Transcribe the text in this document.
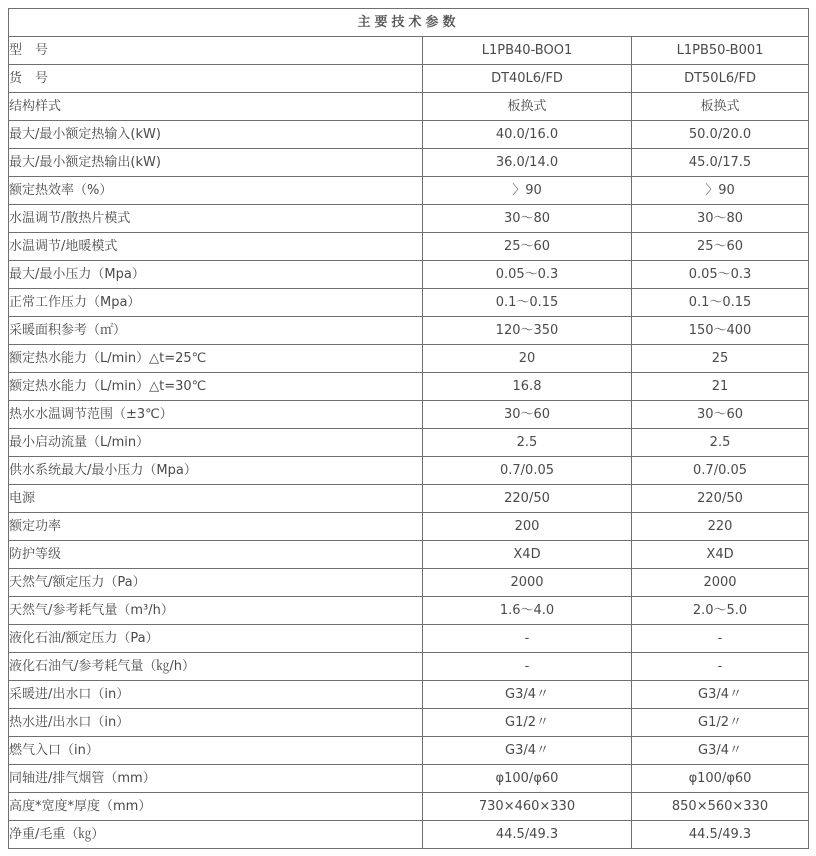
主要技术参数		
型　号	L1PB40-BOO1	L1PB50-B001
货　号	DT40L6/FD	DT50L6/FD
结构样式	板换式	板换式
最大/最小额定热输入(kW)	40.0/16.0	50.0/20.0
最大/最小额定热输出(kW)	36.0/14.0	45.0/17.5
额定热效率（%）	〉90	〉90
水温调节/散热片模式	30～80	30～80
水温调节/地暖模式	25～60	25～60
最大/最小压力（Mpa）	0.05～0.3	0.05～0.3
正常工作压力（Mpa）	0.1～0.15	0.1～0.15
采暖面积参考（㎡）	120～350	150～400
额定热水能力（L/min）△t=25℃	20	25
额定热水能力（L/min）△t=30℃	16.8	21
热水水温调节范围（±3℃）	30～60	30～60
最小启动流量（L/min）	2.5	2.5
供水系统最大/最小压力（Mpa）	0.7/0.05	0.7/0.05
电源	220/50	220/50
额定功率	200	220
防护等级	X4D	X4D
天然气/额定压力（Pa）	2000	2000
天然气/参考耗气量（m³/h）	1.6～4.0	2.0～5.0
液化石油/额定压力（Pa）	-	-
液化石油气/参考耗气量（㎏/h）	-	-
采暖进/出水口（in）	G3/4〃	G3/4〃
热水进/出水口（in）	G1/2〃	G1/2〃
燃气入口（in）	G3/4〃	G3/4〃
同轴进/排气烟管（mm）	φ100/φ60	φ100/φ60
高度*宽度*厚度（mm）	730×460×330	850×560×330
净重/毛重（㎏）	44.5/49.3	44.5/49.3
